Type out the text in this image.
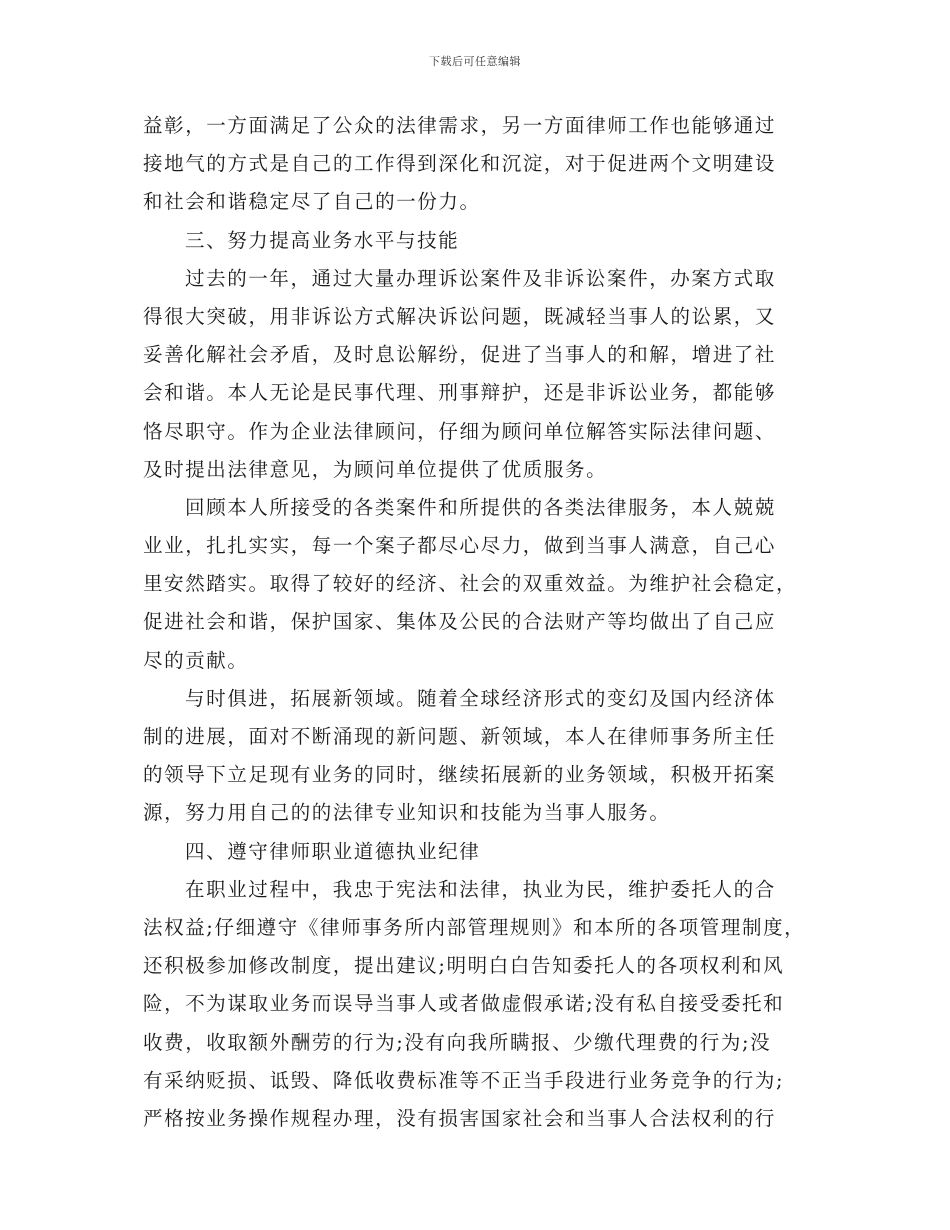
下载后可任意编辑
益彰，一方面满足了公众的法律需求，另一方面律师工作也能够通过
接地气的方式是自己的工作得到深化和沉淀，对于促进两个文明建设
和社会和谐稳定尽了自己的一份力。
三、努力提高业务水平与技能
过去的一年，通过大量办理诉讼案件及非诉讼案件，办案方式取
得很大突破，用非诉讼方式解决诉讼问题，既减轻当事人的讼累，又
妥善化解社会矛盾，及时息讼解纷，促进了当事人的和解，增进了社
会和谐。本人无论是民事代理、刑事辩护，还是非诉讼业务，都能够
恪尽职守。作为企业法律顾问，仔细为顾问单位解答实际法律问题、
及时提出法律意见，为顾问单位提供了优质服务。
回顾本人所接受的各类案件和所提供的各类法律服务，本人兢兢
业业，扎扎实实，每一个案子都尽心尽力，做到当事人满意，自己心
里安然踏实。取得了较好的经济、社会的双重效益。为维护社会稳定，
促进社会和谐，保护国家、集体及公民的合法财产等均做出了自己应
尽的贡献。
与时俱进，拓展新领域。随着全球经济形式的变幻及国内经济体
制的进展，面对不断涌现的新问题、新领域，本人在律师事务所主任
的领导下立足现有业务的同时，继续拓展新的业务领域，积极开拓案
源，努力用自己的的法律专业知识和技能为当事人服务。
四、遵守律师职业道德执业纪律
在职业过程中，我忠于宪法和法律，执业为民，维护委托人的合
法权益;仔细遵守《律师事务所内部管理规则》和本所的各项管理制度，
还积极参加修改制度，提出建议;明明白白告知委托人的各项权利和风
险，不为谋取业务而误导当事人或者做虚假承诺;没有私自接受委托和
收费，收取额外酬劳的行为;没有向我所瞒报、少缴代理费的行为;没
有采纳贬损、诋毁、降低收费标准等不正当手段进行业务竞争的行为;
严格按业务操作规程办理，没有损害国家社会和当事人合法权利的行
